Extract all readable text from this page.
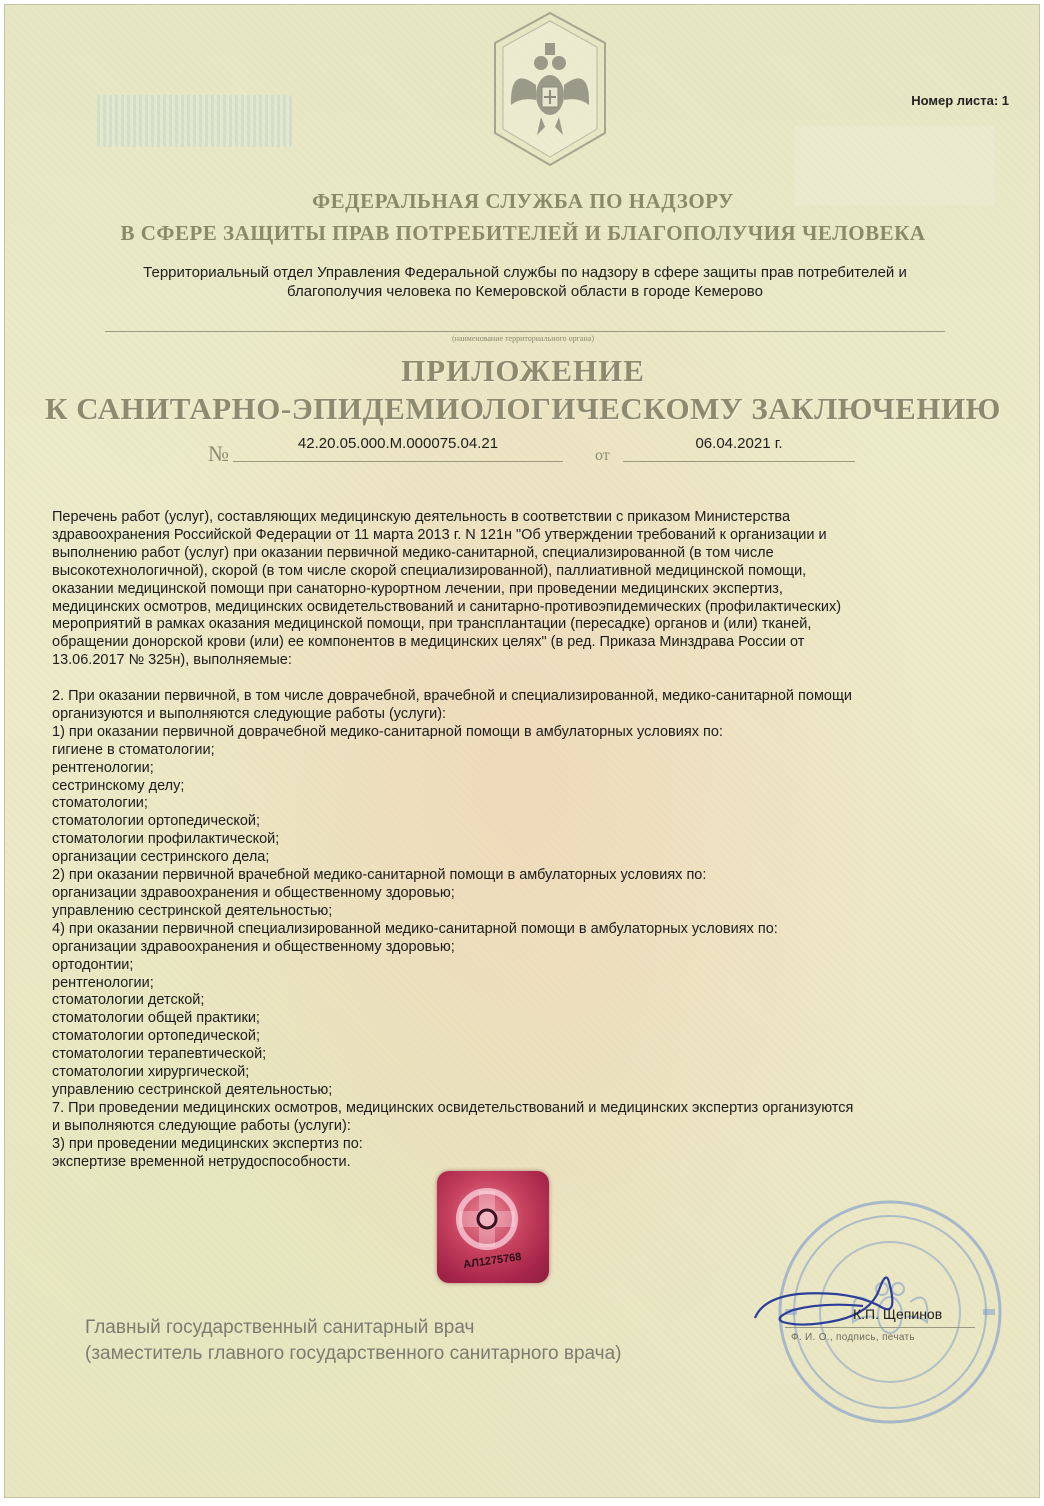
Номер листа: 1
ФЕДЕРАЛЬНАЯ СЛУЖБА ПО НАДЗОРУ
В СФЕРЕ ЗАЩИТЫ ПРАВ ПОТРЕБИТЕЛЕЙ И БЛАГОПОЛУЧИЯ ЧЕЛОВЕКА
Территориальный отдел Управления Федеральной службы по надзору в сфере защиты прав потребителей и
благополучия человека по Кемеровской области в городе Кемерово
(наименование территориального органа)
ПРИЛОЖЕНИЕ
К САНИТАРНО-ЭПИДЕМИОЛОГИЧЕСКОМУ ЗАКЛЮЧЕНИЮ
№	42.20.05.000.М.000075.04.21
от
06.04.2021 г.

Перечень работ (услуг), составляющих медицинскую деятельность в соответствии с приказом Министерства

здравоохранения Российской Федерации от 11 марта 2013 г. N 121н "Об утверждении требований к организации и

выполнению работ (услуг) при оказании первичной медико-санитарной, специализированной (в том числе

высокотехнологичной), скорой (в том числе скорой специализированной), паллиативной медицинской помощи,

оказании медицинской помощи при санаторно-курортном лечении, при проведении медицинских экспертиз,

медицинских осмотров, медицинских освидетельствований и санитарно-противоэпидемических (профилактических)

мероприятий в рамках оказания медицинской помощи, при трансплантации (пересадке) органов и (или) тканей,

обращении донорской крови (или) ее компонентов в медицинских целях" (в ред. Приказа Минздрава России от

13.06.2017 № 325н), выполняемые:

2. При оказании первичной, в том числе доврачебной, врачебной и специализированной, медико-санитарной помощи

организуются и выполняются следующие работы (услуги):

1) при оказании первичной доврачебной медико-санитарной помощи в амбулаторных условиях по:

гигиене в стоматологии;

рентгенологии;

сестринскому делу;

стоматологии;

стоматологии ортопедической;

стоматологии профилактической;

организации сестринского дела;

2) при оказании первичной врачебной медико-санитарной помощи в амбулаторных условиях по:

организации здравоохранения и общественному здоровью;

управлению сестринской деятельностью;

4) при оказании первичной специализированной медико-санитарной помощи в амбулаторных условиях по:

организации здравоохранения и общественному здоровью;

ортодонтии;

рентгенологии;

стоматологии детской;

стоматологии общей практики;

стоматологии ортопедической;

стоматологии терапевтической;

стоматологии хирургической;

управлению сестринской деятельностью;

7. При проведении медицинских осмотров, медицинских освидетельствований и медицинских экспертиз организуются

и выполняются следующие работы (услуги):

3) при проведении медицинских экспертиз по:

экспертизе временной нетрудоспособности.

АЛ1275768
Главный государственный санитарный врач
(заместитель главного государственного санитарного врача)
К.П. Щепинов
Ф. И. О., подпись, печать
